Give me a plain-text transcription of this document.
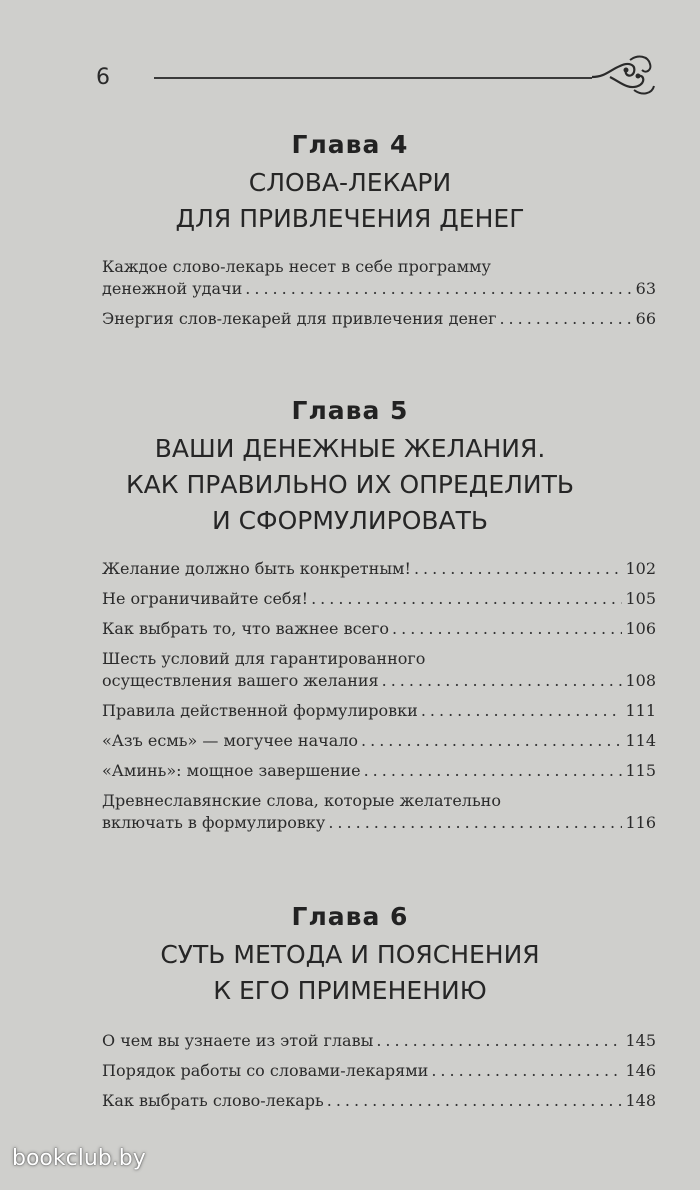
6
Глава 4
СЛОВА-ЛЕКАРИ
ДЛЯ ПРИВЛЕЧЕНИЯ ДЕНЕГ
Каждое слово-лекарь несет в себе программу
денежной удачи .....	63
Энергия слов-лекарей для привлечения денег .....	66
Глава 5
ВАШИ ДЕНЕЖНЫЕ ЖЕЛАНИЯ.
КАК ПРАВИЛЬНО ИХ ОПРЕДЕЛИТЬ
И СФОРМУЛИРОВАТЬ
Желание должно быть конкретным! .....	102
Не ограничивайте себя! .....	105
Как выбрать то, что важнее всего .....	106
Шесть условий для гарантированного
осуществления вашего желания .....	108
Правила действенной формулировки .....	111
«Азъ есмь» — могучее начало .....	114
«Аминь»: мощное завершение .....	115
Древнеславянские слова, которые желательно
включать в формулировку .....	116
Глава 6
СУТЬ МЕТОДА И ПОЯСНЕНИЯ
К ЕГО ПРИМЕНЕНИЮ
О чем вы узнаете из этой главы .....	145
Порядок работы со словами-лекарями .....	146
Как выбрать слово-лекарь .....	148
bookclub.by
